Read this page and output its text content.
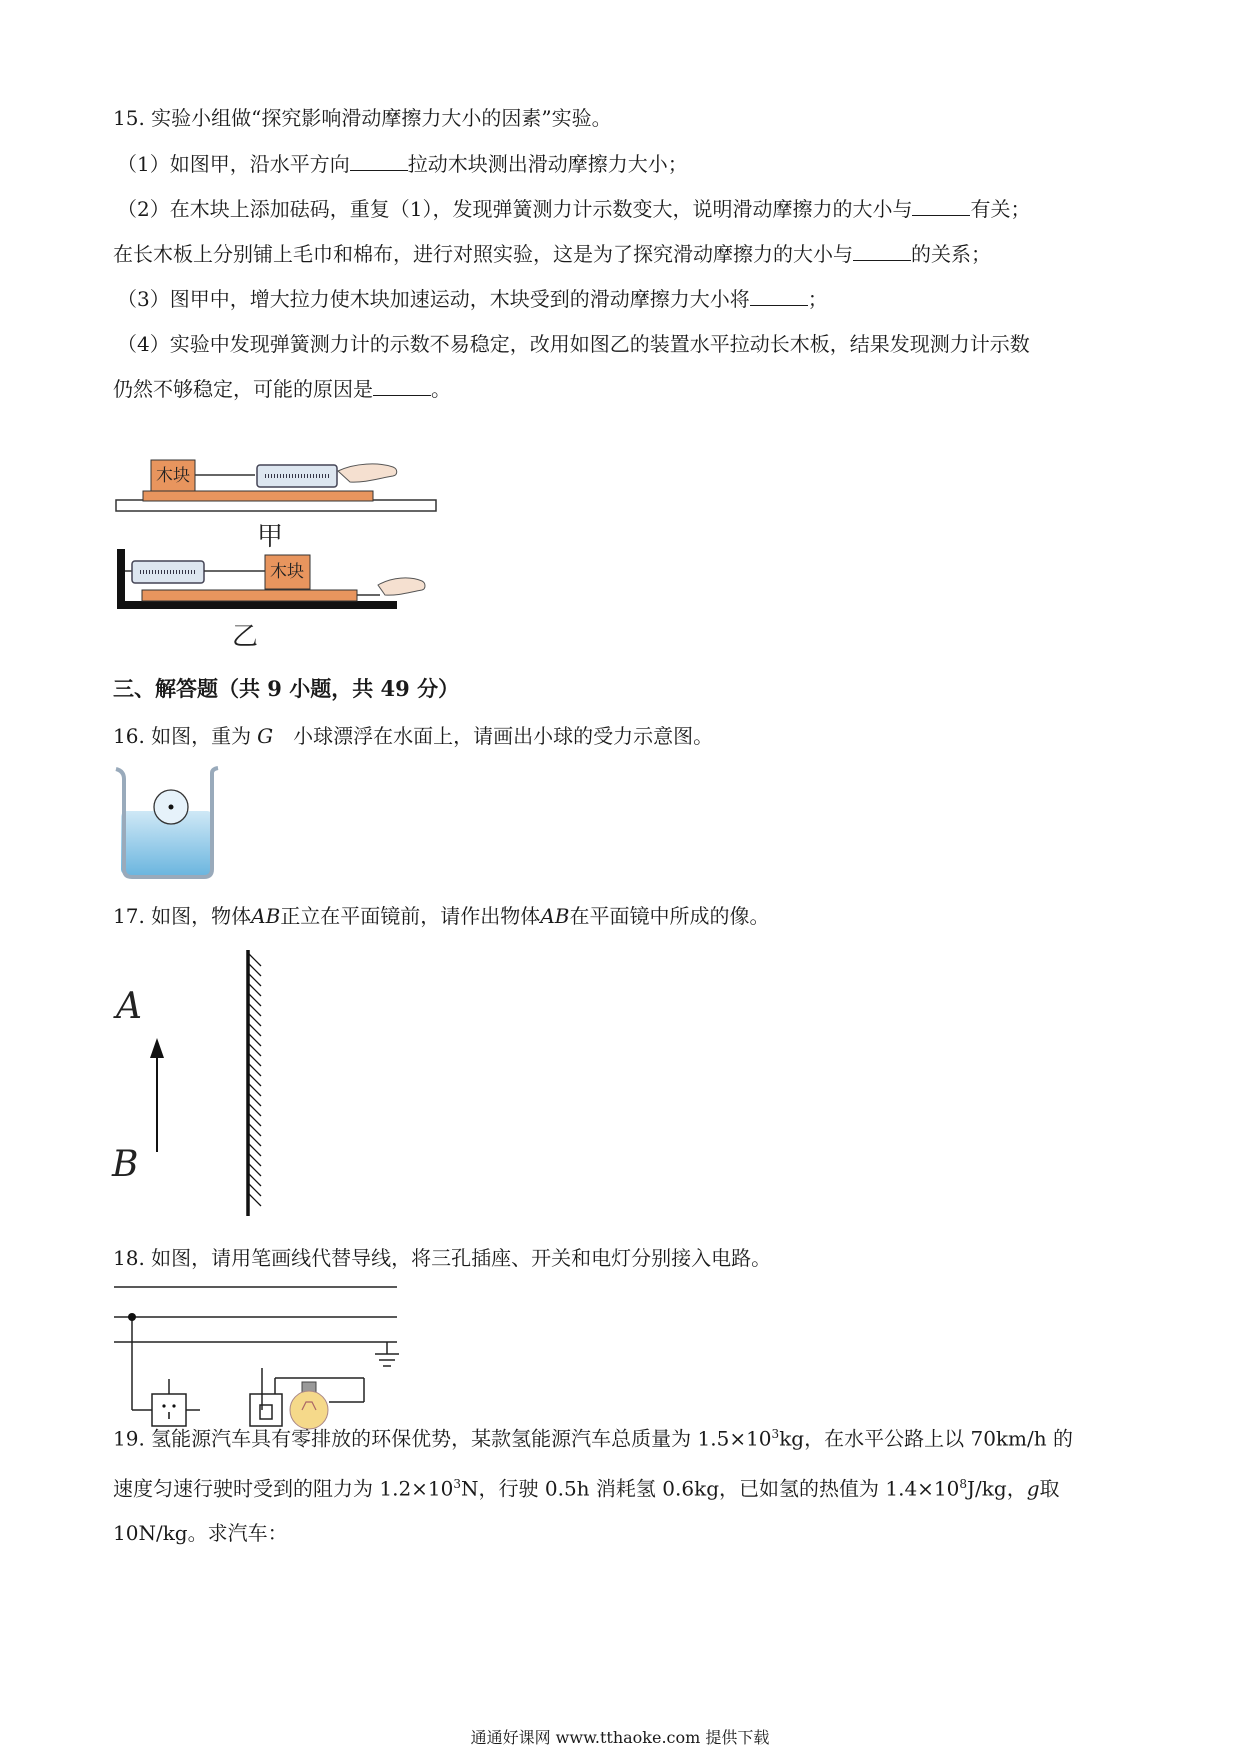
15. 实验小组做“探究影响滑动摩擦力大小的因素”实验。
（1）如图甲，沿水平方向	拉动木块测出滑动摩擦力大小；
（2）在木块上添加砝码，重复（1），发现弹簧测力计示数变大，说明滑动摩擦力的大小与	有关；
在长木板上分别铺上毛巾和棉布，进行对照实验，这是为了探究滑动摩擦力的大小与	的关系；
（3）图甲中，增大拉力使木块加速运动，木块受到的滑动摩擦力大小将	；
（4）实验中发现弹簧测力计的示数不易稳定，改用如图乙的装置水平拉动长木板，结果发现测力计示数
仍然不够稳定，可能的原因是	。
木块
甲
木块
乙
三、解答题（共 9 小题，共 49 分）
16. 如图，重为 G 小球漂浮在水面上，请画出小球的受力示意图。
17. 如图，物体AB正立在平面镜前，请作出物体AB在平面镜中所成的像。
A
B
18. 如图，请用笔画线代替导线，将三孔插座、开关和电灯分别接入电路。
19. 氢能源汽车具有零排放的环保优势，某款氢能源汽车总质量为 $1.5\times 10^3kg$，在水平公路上以 70km/h 的
速度匀速行驶时受到的阻力为 $1.2\times 10^3N$，行驶 0.5h 消耗氢 0.6kg，已如氢的热值为 $1.4\times 10^8J/kg$，g取
10N/kg。求汽车：
通通好课网 www.tthaoke.com 提供下载
